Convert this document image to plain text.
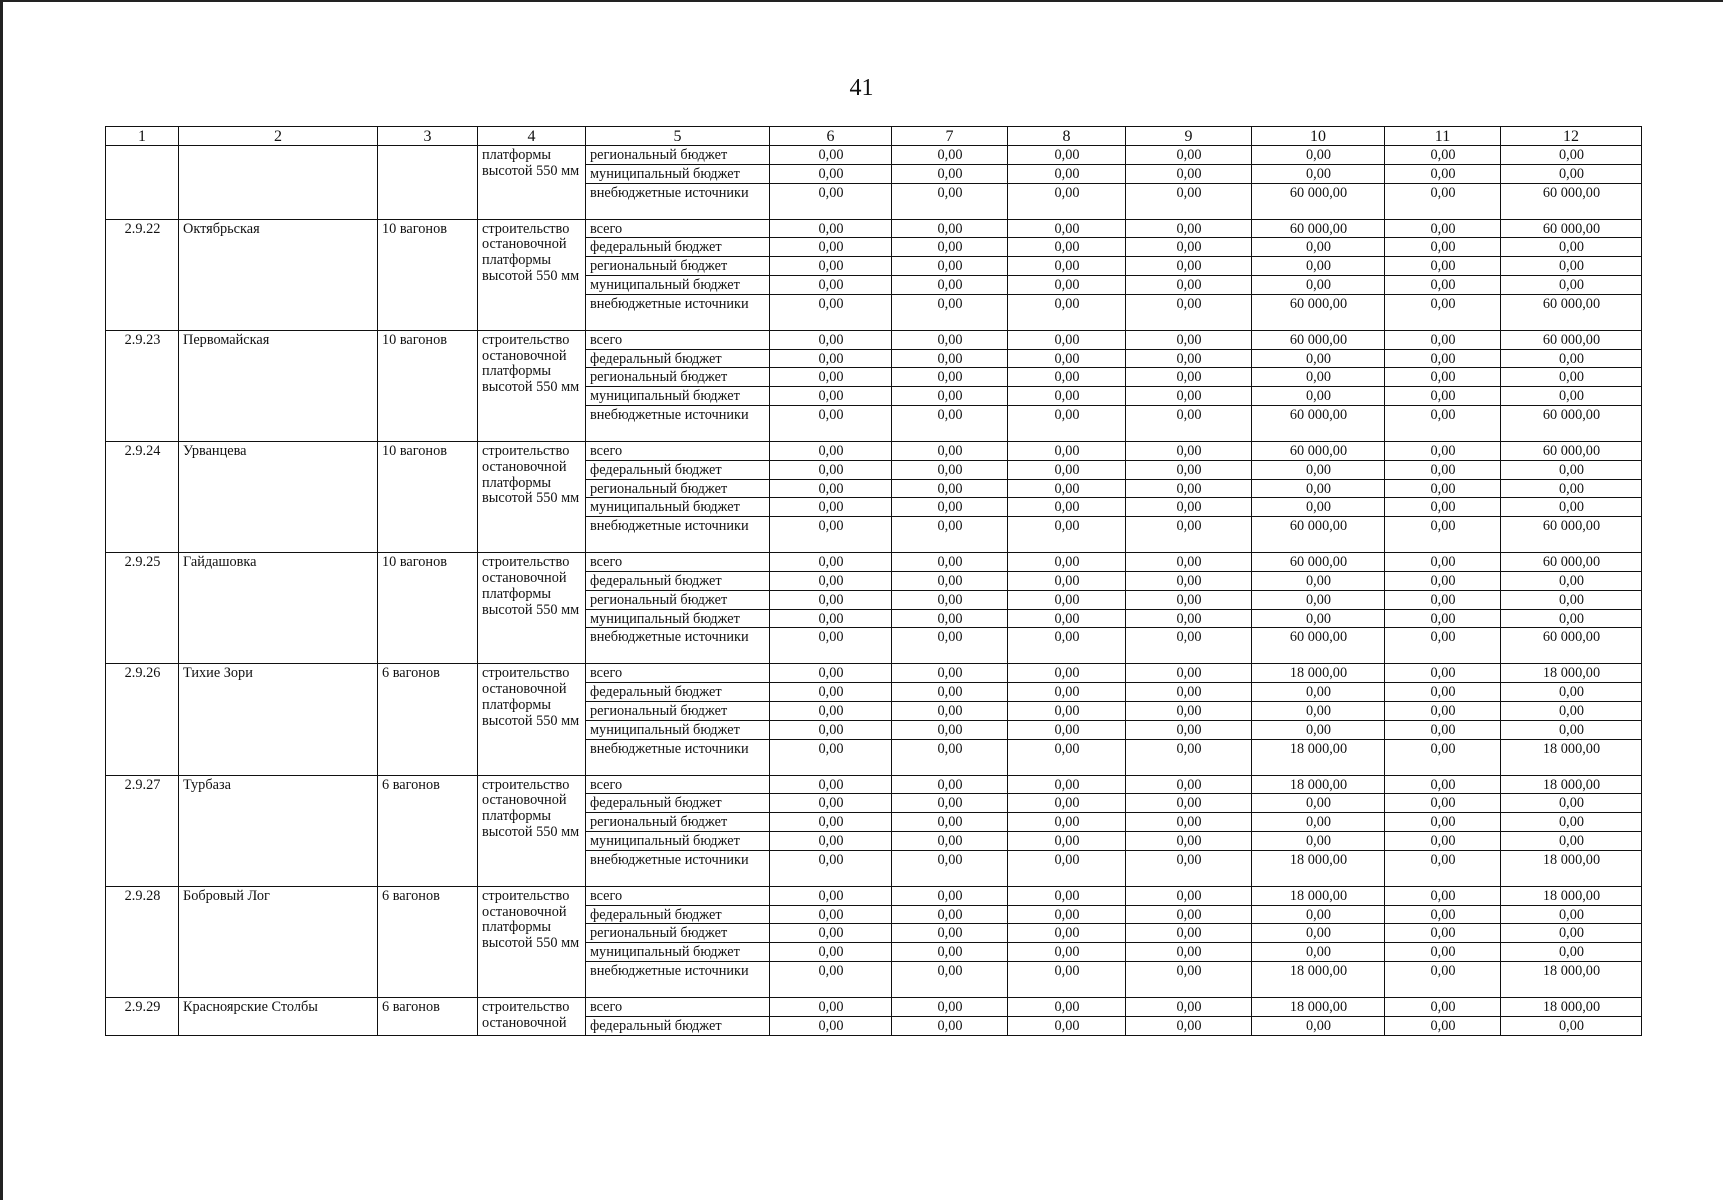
41
1	2	3	4	5	6	7	8	9	10	11	12
			платформы высотой 550 мм	региональный бюджет	0,00	0,00	0,00	0,00	0,00	0,00	0,00
				муниципальный бюджет	0,00	0,00	0,00	0,00	0,00	0,00	0,00
				внебюджетные источники	0,00	0,00	0,00	0,00	60 000,00	0,00	60 000,00
2.9.22	Октябрьская	10 вагонов	строительство остановочной платформы высотой 550 мм	всего	0,00	0,00	0,00	0,00	60 000,00	0,00	60 000,00
				федеральный бюджет	0,00	0,00	0,00	0,00	0,00	0,00	0,00
				региональный бюджет	0,00	0,00	0,00	0,00	0,00	0,00	0,00
				муниципальный бюджет	0,00	0,00	0,00	0,00	0,00	0,00	0,00
				внебюджетные источники	0,00	0,00	0,00	0,00	60 000,00	0,00	60 000,00
2.9.23	Первомайская	10 вагонов	строительство остановочной платформы высотой 550 мм	всего	0,00	0,00	0,00	0,00	60 000,00	0,00	60 000,00
				федеральный бюджет	0,00	0,00	0,00	0,00	0,00	0,00	0,00
				региональный бюджет	0,00	0,00	0,00	0,00	0,00	0,00	0,00
				муниципальный бюджет	0,00	0,00	0,00	0,00	0,00	0,00	0,00
				внебюджетные источники	0,00	0,00	0,00	0,00	60 000,00	0,00	60 000,00
2.9.24	Урванцева	10 вагонов	строительство остановочной платформы высотой 550 мм	всего	0,00	0,00	0,00	0,00	60 000,00	0,00	60 000,00
				федеральный бюджет	0,00	0,00	0,00	0,00	0,00	0,00	0,00
				региональный бюджет	0,00	0,00	0,00	0,00	0,00	0,00	0,00
				муниципальный бюджет	0,00	0,00	0,00	0,00	0,00	0,00	0,00
				внебюджетные источники	0,00	0,00	0,00	0,00	60 000,00	0,00	60 000,00
2.9.25	Гайдашовка	10 вагонов	строительство остановочной платформы высотой 550 мм	всего	0,00	0,00	0,00	0,00	60 000,00	0,00	60 000,00
				федеральный бюджет	0,00	0,00	0,00	0,00	0,00	0,00	0,00
				региональный бюджет	0,00	0,00	0,00	0,00	0,00	0,00	0,00
				муниципальный бюджет	0,00	0,00	0,00	0,00	0,00	0,00	0,00
				внебюджетные источники	0,00	0,00	0,00	0,00	60 000,00	0,00	60 000,00
2.9.26	Тихие Зори	6 вагонов	строительство остановочной платформы высотой 550 мм	всего	0,00	0,00	0,00	0,00	18 000,00	0,00	18 000,00
				федеральный бюджет	0,00	0,00	0,00	0,00	0,00	0,00	0,00
				региональный бюджет	0,00	0,00	0,00	0,00	0,00	0,00	0,00
				муниципальный бюджет	0,00	0,00	0,00	0,00	0,00	0,00	0,00
				внебюджетные источники	0,00	0,00	0,00	0,00	18 000,00	0,00	18 000,00
2.9.27	Турбаза	6 вагонов	строительство остановочной платформы высотой 550 мм	всего	0,00	0,00	0,00	0,00	18 000,00	0,00	18 000,00
				федеральный бюджет	0,00	0,00	0,00	0,00	0,00	0,00	0,00
				региональный бюджет	0,00	0,00	0,00	0,00	0,00	0,00	0,00
				муниципальный бюджет	0,00	0,00	0,00	0,00	0,00	0,00	0,00
				внебюджетные источники	0,00	0,00	0,00	0,00	18 000,00	0,00	18 000,00
2.9.28	Бобровый Лог	6 вагонов	строительство остановочной платформы высотой 550 мм	всего	0,00	0,00	0,00	0,00	18 000,00	0,00	18 000,00
				федеральный бюджет	0,00	0,00	0,00	0,00	0,00	0,00	0,00
				региональный бюджет	0,00	0,00	0,00	0,00	0,00	0,00	0,00
				муниципальный бюджет	0,00	0,00	0,00	0,00	0,00	0,00	0,00
				внебюджетные источники	0,00	0,00	0,00	0,00	18 000,00	0,00	18 000,00
2.9.29	Красноярские Столбы	6 вагонов	строительство остановочной	всего	0,00	0,00	0,00	0,00	18 000,00	0,00	18 000,00
				федеральный бюджет	0,00	0,00	0,00	0,00	0,00	0,00	0,00
